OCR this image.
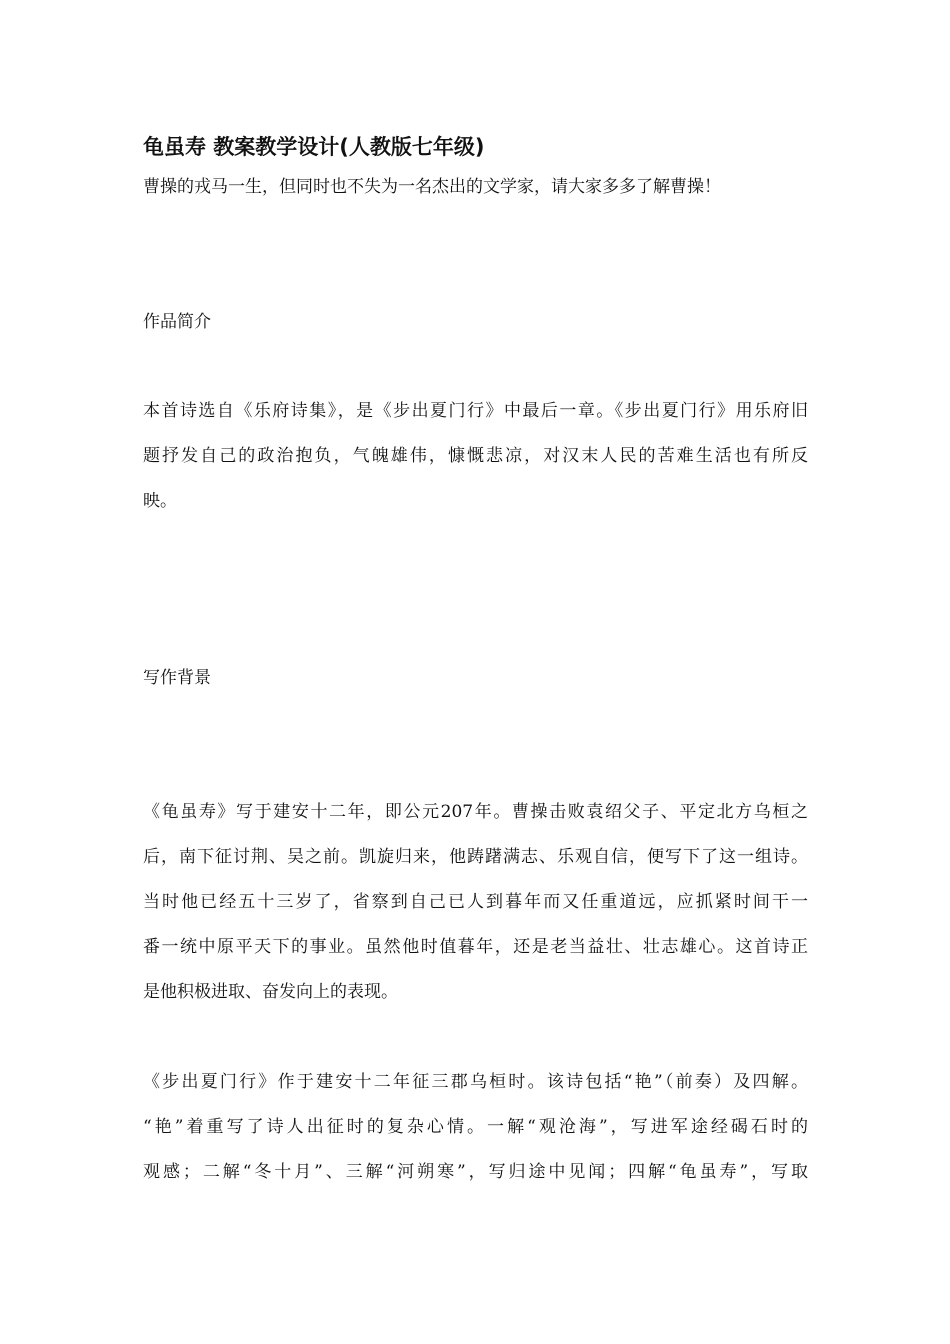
龟虽寿 教案教学设计(人教版七年级)
曹操的戎马一生，但同时也不失为一名杰出的文学家，请大家多多了解曹操！
作品简介
本首诗选自《乐府诗集》，是《步出夏门行》中最后一章。《步出夏门行》用乐府旧
题抒发自己的政治抱负，气魄雄伟，慷慨悲凉，对汉末人民的苦难生活也有所反
映。
写作背景
《龟虽寿》写于建安十二年，即公元207年。曹操击败袁绍父子、平定北方乌桓之
后，南下征讨荆、吴之前。凯旋归来，他踌躇满志、乐观自信，便写下了这一组诗。
当时他已经五十三岁了，省察到自己已人到暮年而又任重道远，应抓紧时间干一
番一统中原平天下的事业。虽然他时值暮年，还是老当益壮、壮志雄心。这首诗正
是他积极进取、奋发向上的表现。
《步出夏门行》作于建安十二年征三郡乌桓时。该诗包括“艳”（前奏）及四解。
“艳”着重写了诗人出征时的复杂心情。一解“观沧海”，写进军途经碣石时的
观感；二解“冬十月”、三解“河朔寒”，写归途中见闻；四解“龟虽寿”，写取
